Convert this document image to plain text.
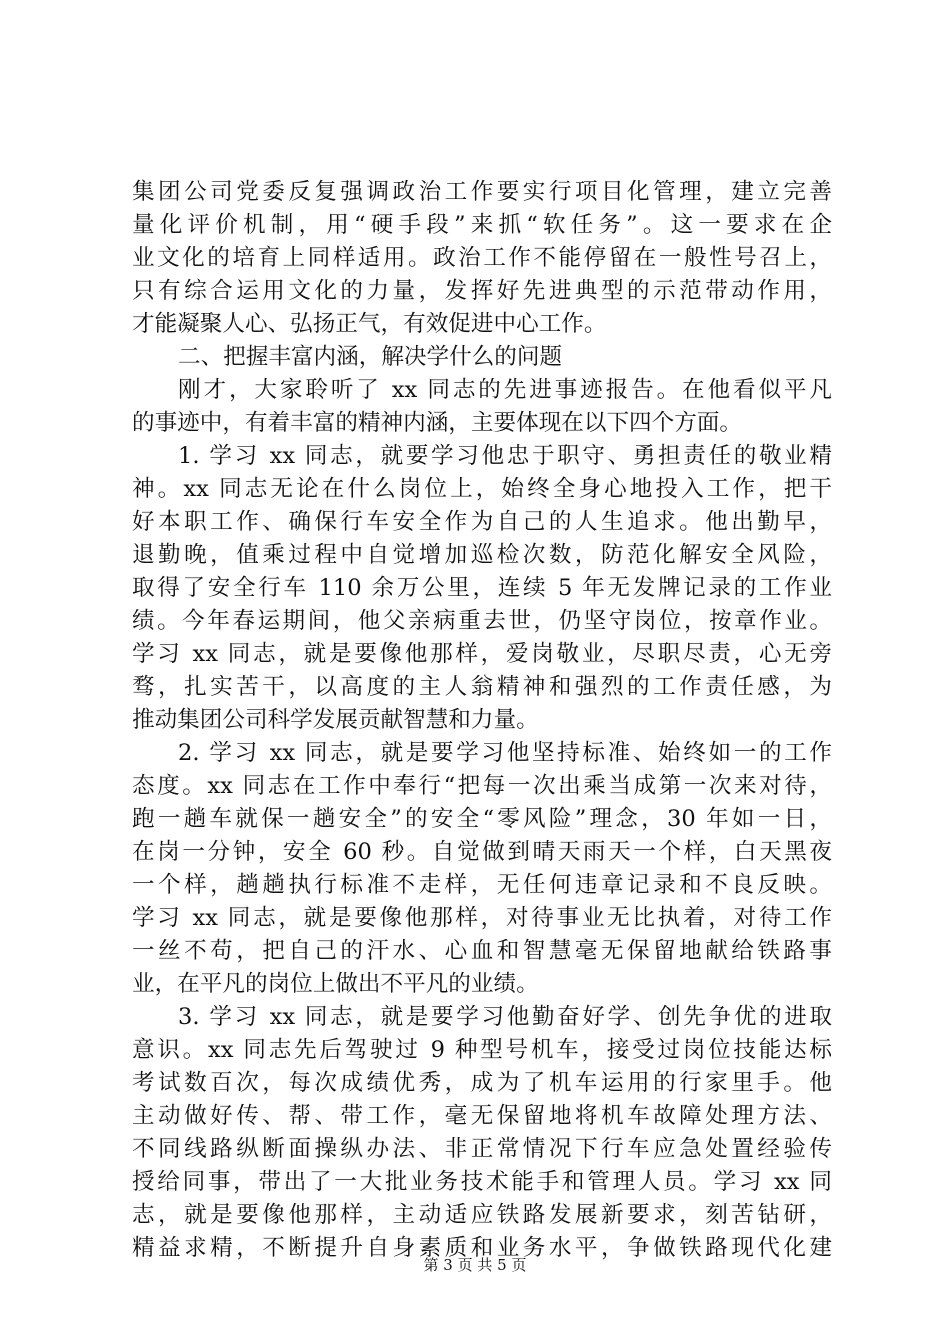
集团公司党委反复强调政治工作要实行项目化管理，建立完善
量化评价机制，用“硬手段”来抓“软任务”。这一要求在企
业文化的培育上同样适用。政治工作不能停留在一般性号召上，
只有综合运用文化的力量，发挥好先进典型的示范带动作用，
才能凝聚人心、弘扬正气，有效促进中心工作。
二、把握丰富内涵，解决学什么的问题
刚才，大家聆听了 xx 同志的先进事迹报告。在他看似平凡
的事迹中，有着丰富的精神内涵，主要体现在以下四个方面。
1. 学习 xx 同志，就要学习他忠于职守、勇担责任的敬业精
神。xx 同志无论在什么岗位上，始终全身心地投入工作，把干
好本职工作、确保行车安全作为自己的人生追求。他出勤早，
退勤晚，值乘过程中自觉增加巡检次数，防范化解安全风险，
取得了安全行车 110 余万公里，连续 5 年无发牌记录的工作业
绩。今年春运期间，他父亲病重去世，仍坚守岗位，按章作业。
学习 xx 同志，就是要像他那样，爱岗敬业，尽职尽责，心无旁
骛，扎实苦干，以高度的主人翁精神和强烈的工作责任感，为
推动集团公司科学发展贡献智慧和力量。
2. 学习 xx 同志，就是要学习他坚持标准、始终如一的工作
态度。xx 同志在工作中奉行“把每一次出乘当成第一次来对待，
跑一趟车就保一趟安全”的安全“零风险”理念，30 年如一日，
在岗一分钟，安全 60 秒。自觉做到晴天雨天一个样，白天黑夜
一个样，趟趟执行标准不走样，无任何违章记录和不良反映。
学习 xx 同志，就是要像他那样，对待事业无比执着，对待工作
一丝不苟，把自己的汗水、心血和智慧毫无保留地献给铁路事
业，在平凡的岗位上做出不平凡的业绩。
3. 学习 xx 同志，就是要学习他勤奋好学、创先争优的进取
意识。xx 同志先后驾驶过 9 种型号机车，接受过岗位技能达标
考试数百次，每次成绩优秀，成为了机车运用的行家里手。他
主动做好传、帮、带工作，毫无保留地将机车故障处理方法、
不同线路纵断面操纵办法、非正常情况下行车应急处置经验传
授给同事，带出了一大批业务技术能手和管理人员。学习 xx 同
志，就是要像他那样，主动适应铁路发展新要求，刻苦钻研，
精益求精，不断提升自身素质和业务水平，争做铁路现代化建
第 3 页 共 5 页
